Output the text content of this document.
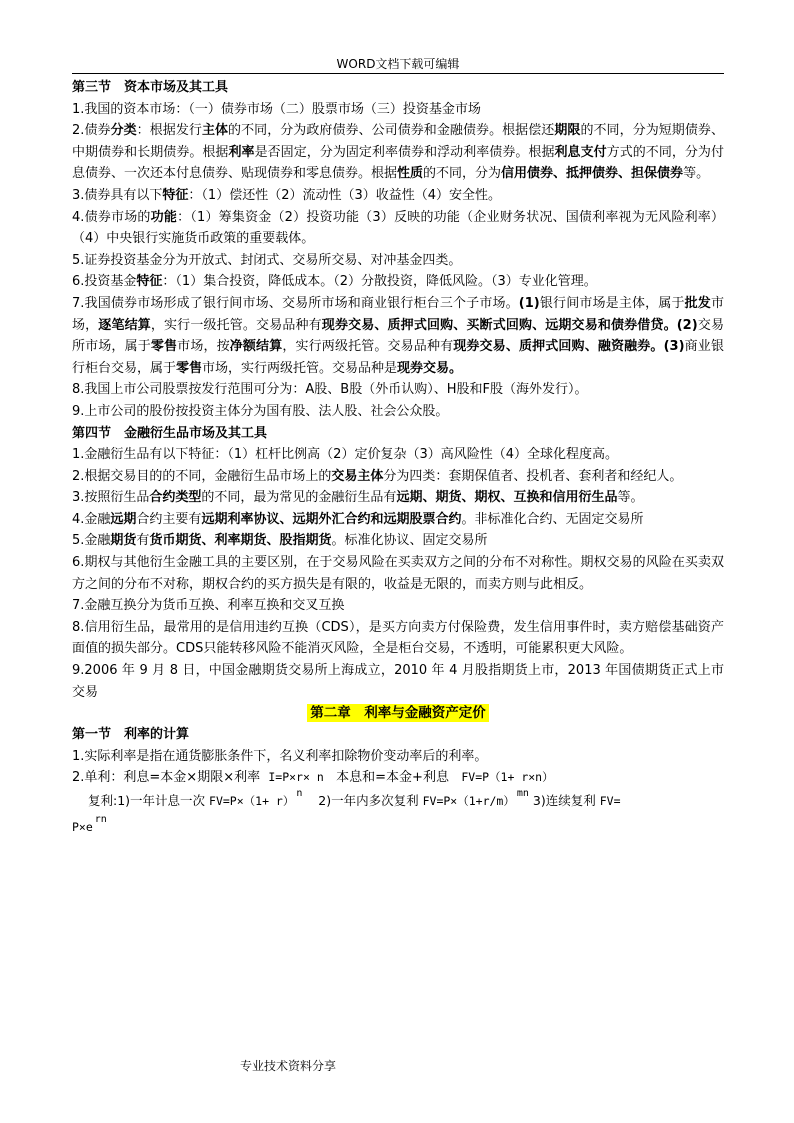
WORD文档下载可编辑

第三节　资本市场及其工具

1.我国的资本市场：（一）债券市场（二）股票市场（三）投资基金市场

2.债券分类：根据发行主体的不同，分为政府债券、公司债券和金融债券。根据偿还期限的不同，分为短期债券、中期债券和长期债券。根据利率是否固定，分为固定利率债券和浮动利率债券。根据利息支付方式的不同，分为付息债券、一次还本付息债券、贴现债券和零息债券。根据性质的不同，分为信用债券、抵押债券、担保债券等。

3.债券具有以下特征：（1）偿还性（2）流动性（3）收益性（4）安全性。

4.债券市场的功能：（1）筹集资金（2）投资功能（3）反映的功能（企业财务状况、国债利率视为无风险利率）（4）中央银行实施货币政策的重要载体。

5.证券投资基金分为开放式、封闭式、交易所交易、对冲基金四类。

6.投资基金特征：（1）集合投资，降低成本。（2）分散投资，降低风险。（3）专业化管理。

7.我国债券市场形成了银行间市场、交易所市场和商业银行柜台三个子市场。(1)银行间市场是主体，属于批发市场，逐笔结算，实行一级托管。交易品种有现券交易、质押式回购、买断式回购、远期交易和债券借贷。(2)交易所市场，属于零售市场，按净额结算，实行两级托管。交易品种有现券交易、质押式回购、融资融券。(3)商业银行柜台交易，属于零售市场，实行两级托管。交易品种是现券交易。

8.我国上市公司股票按发行范围可分为：A股、B股（外币认购）、H股和F股（海外发行）。

9.上市公司的股份按投资主体分为国有股、法人股、社会公众股。

第四节　金融衍生品市场及其工具

1.金融衍生品有以下特征：（1）杠杆比例高（2）定价复杂（3）高风险性（4）全球化程度高。

2.根据交易目的的不同，金融衍生品市场上的交易主体分为四类：套期保值者、投机者、套利者和经纪人。

3.按照衍生品合约类型的不同，最为常见的金融衍生品有远期、期货、期权、互换和信用衍生品等。

4.金融远期合约主要有远期利率协议、远期外汇合约和远期股票合约。非标准化合约、无固定交易所

5.金融期货有货币期货、利率期货、股指期货。标准化协议、固定交易所

6.期权与其他衍生金融工具的主要区别，在于交易风险在买卖双方之间的分布不对称性。期权交易的风险在买卖双方之间的分布不对称，期权合约的买方损失是有限的，收益是无限的，而卖方则与此相反。

7.金融互换分为货币互换、利率互换和交叉互换

8.信用衍生品，最常用的是信用违约互换（CDS），是买方向卖方付保险费，发生信用事件时，卖方赔偿基础资产面值的损失部分。CDS只能转移风险不能消灭风险，全是柜台交易，不透明，可能累积更大风险。

9.2006 年 9 月 8 日，中国金融期货交易所上海成立，2010 年 4 月股指期货上市，2013 年国债期货正式上市交易

第二章　利率与金融资产定价

第一节　利率的计算

1.实际利率是指在通货膨胀条件下，名义利率扣除物价变动率后的利率。

2.单利：利息=本金×期限×利率 I=P×r× n 本息和=本金+利息 FV=P（1+ r×n）

复利:1)一年计息一次 $FV=P\times(1+ r)^n$ 2)一年内多次复利 $FV=P\times(1+r/m)^{mn}$ 3)连续复利 FV=

$P\times e^{rn}$

专业技术资料分享
